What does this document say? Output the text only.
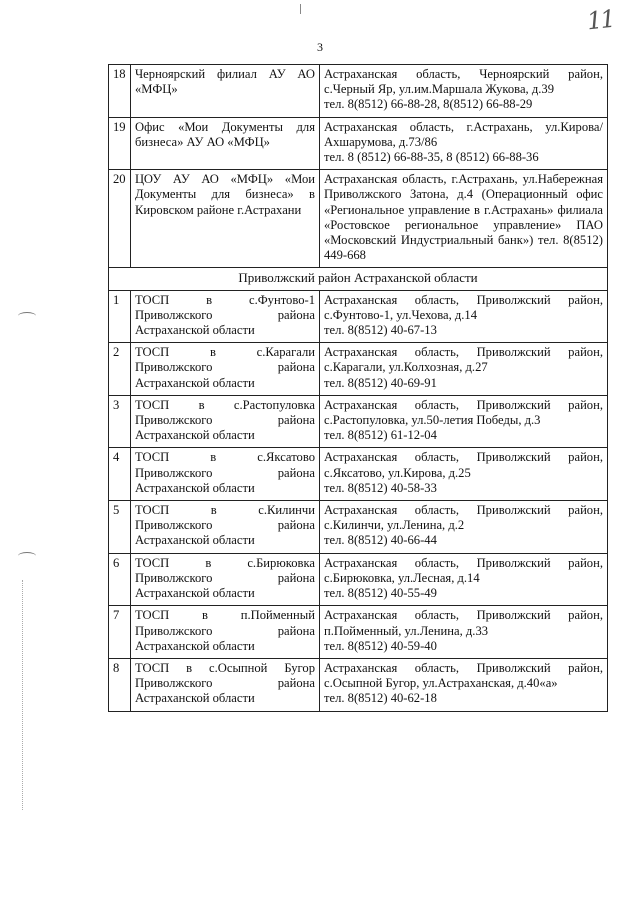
11
3
18	Черноярский филиал АУ АО «МФЦ»	Астраханская область, Черноярский район, с.Черный Яр, ул.им.Маршала Жукова, д.39
тел. 8(8512) 66-88-28, 8(8512) 66-88-29

19	Офис «Мои Документы для бизнеса» АУ АО «МФЦ»	Астраханская область, г.Астрахань, ул.Кирова/Ахшарумова, д.73/86
тел. 8 (8512) 66-88-35, 8 (8512) 66-88-36

20	ЦОУ АУ АО «МФЦ» «Мои Документы для бизнеса» в Кировском районе г.Астрахани	Астраханская область, г.Астрахань, ул.Набережная Приволжского Затона, д.4 (Операционный офис «Региональное управление в г.Астрахань» филиала «Ростовское региональное управление» ПАО «Московский Индустриальный банк») тел. 8(8512) 449-668

Приволжский район Астраханской области		
1	ТОСП в с.Фунтово-1 Приволжского района Астраханской области	Астраханская область, Приволжский район, с.Фунтово-1, ул.Чехова, д.14
тел. 8(8512) 40-67-13

2	ТОСП в с.Карагали Приволжского района Астраханской области	Астраханская область, Приволжский район, с.Карагали, ул.Колхозная, д.27
тел. 8(8512) 40-69-91

3	ТОСП в с.Растопуловка Приволжского района Астраханской области	Астраханская область, Приволжский район, с.Растопуловка, ул.50-летия Победы, д.3
тел. 8(8512) 61-12-04

4	ТОСП в с.Яксатово Приволжского района Астраханской области	Астраханская область, Приволжский район, с.Яксатово, ул.Кирова, д.25
тел. 8(8512) 40-58-33

5	ТОСП в с.Килинчи Приволжского района Астраханской области	Астраханская область, Приволжский район, с.Килинчи, ул.Ленина, д.2
тел. 8(8512) 40-66-44

6	ТОСП в с.Бирюковка Приволжского района Астраханской области	Астраханская область, Приволжский район, с.Бирюковка, ул.Лесная, д.14
тел. 8(8512) 40-55-49

7	ТОСП в п.Пойменный Приволжского района Астраханской области	Астраханская область, Приволжский район, п.Пойменный, ул.Ленина, д.33
тел. 8(8512) 40-59-40

8	ТОСП в с.Осыпной Бугор Приволжского района Астраханской области	Астраханская область, Приволжский район, с.Осыпной Бугор, ул.Астраханская, д.40«а»
тел. 8(8512) 40-62-18
